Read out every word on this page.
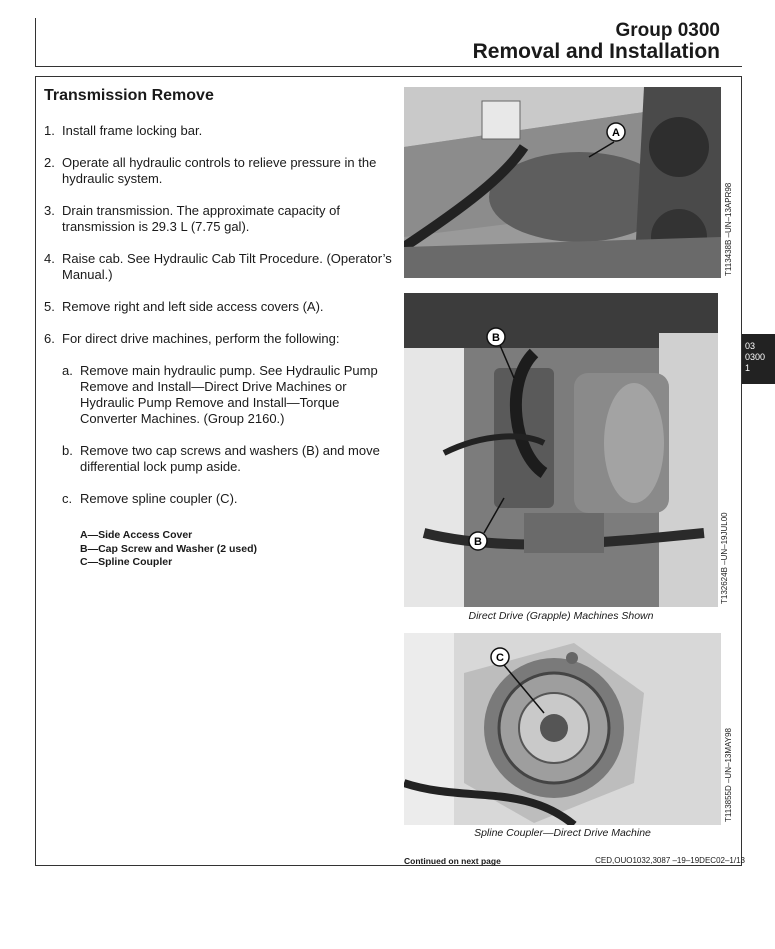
Group 0300
Removal and Installation
Transmission Remove
1. Install frame locking bar.
2. Operate all hydraulic controls to relieve pressure in the hydraulic system.
3. Drain transmission. The approximate capacity of transmission is 29.3 L (7.75 gal).
4. Raise cab. See Hydraulic Cab Tilt Procedure. (Operator’s Manual.)
5. Remove right and left side access covers (A).
6. For direct drive machines, perform the following:
a. Remove main hydraulic pump. See Hydraulic Pump Remove and Install—Direct Drive Machines or Hydraulic Pump Remove and Install—Torque Converter Machines. (Group 2160.)
b. Remove two cap screws and washers (B) and move differential lock pump aside.
c. Remove spline coupler (C).
A—Side Access Cover
B—Cap Screw and Washer (2 used)
C—Spline Coupler
A
T113438B –UN–13APR98
B
B	T132624B –UN–19JUL00
Direct Drive (Grapple) Machines Shown
C
T113855D –UN–13MAY98
Spline Coupler—Direct Drive Machine
03
0300
1
Continued on next page	CED,OUO1032,3087 –19–19DEC02–1/13
